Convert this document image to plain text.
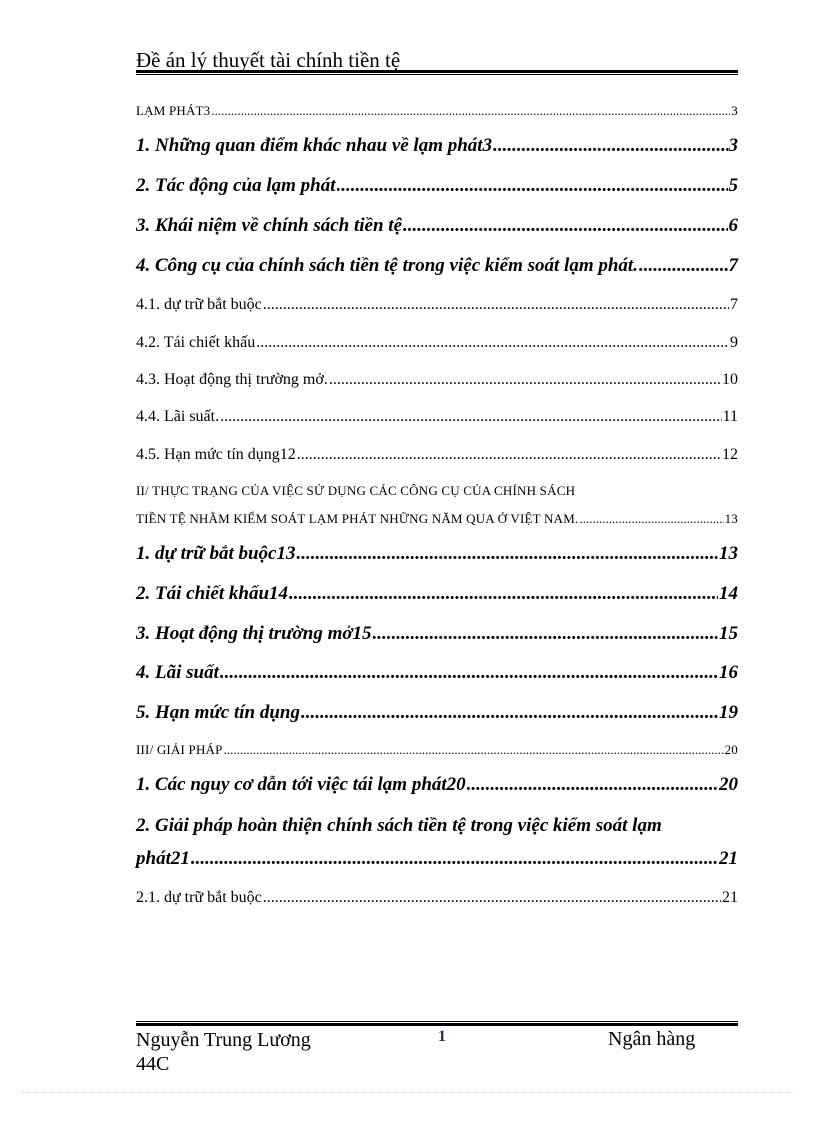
Đề án lý thuyết tài chính tiền tệ
LẠM PHÁT3 .....	3
1. Những quan điểm khác nhau về lạm phát3 .....	3
2. Tác động của lạm phát .....	5
3. Khái niệm về chính sách tiền tệ .....	6
4. Công cụ của chính sách tiền tệ trong việc kiểm soát lạm phát. .....	7
4.1. dự trữ bắt buộc .....	7
4.2. Tái chiết khấu .....	9
4.3. Hoạt động thị trường mở. .....	10
4.4. Lãi suất. .....	11
4.5. Hạn mức tín dụng12 .....	12
II/ THỰC TRẠNG CỦA VIỆC SỬ DỤNG CÁC CÔNG CỤ CỦA CHÍNH SÁCH
TIỀN TỆ NHẰM KIỂM SOÁT LẠM PHÁT NHỮNG NĂM QUA Ở VIỆT NAM. .....	13
1. dự trữ bắt buộc13 .....	13
2. Tái chiết khấu14 .....	14
3. Hoạt động thị trường mở15 .....	15
4. Lãi suất .....	16
5. Hạn mức tín dụng .....	19
III/ GIẢI PHÁP .....	20
1. Các nguy cơ dẫn tới việc tái lạm phát20 .....	20
2. Giải pháp hoàn thiện chính sách tiền tệ trong việc kiểm soát lạm
phát21 .....	21
2.1. dự trữ bắt buộc .....	21
Nguyễn Trung Lương 44C
1	Ngân hàng
